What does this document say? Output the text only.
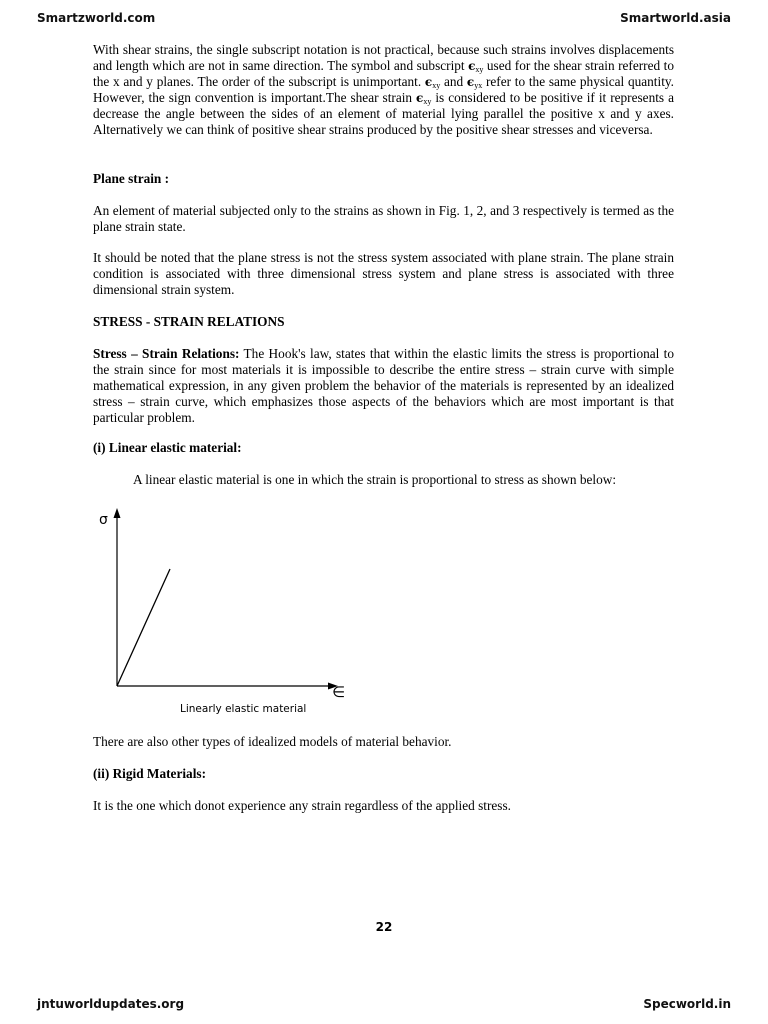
Smartzworld.com	Smartworld.asia
With shear strains, the single subscript notation is not practical, because such strains involves displacements and length which are not in same direction. The symbol and subscript $\epsilon_{xy}$ used for the shear strain referred to the x and y planes. The order of the subscript is unimportant. $\epsilon_{xy}$ and $\epsilon_{yx}$ refer to the same physical quantity. However, the sign convention is important.The shear strain $\epsilon_{xy}$ is considered to be positive if it represents a decrease the angle between the sides of an element of material lying parallel the positive x and y axes. Alternatively we can think of positive shear strains produced by the positive shear stresses and viceversa.
Plane strain :
An element of material subjected only to the strains as shown in Fig. 1, 2, and 3 respectively is termed as the plane strain state.
It should be noted that the plane stress is not the stress system associated with plane strain. The plane strain condition is associated with three dimensional stress system and plane stress is associated with three dimensional strain system.
STRESS - STRAIN RELATIONS
Stress – Strain Relations: The Hook's law, states that within the elastic limits the stress is proportional to the strain since for most materials it is impossible to describe the entire stress – strain curve with simple mathematical expression, in any given problem the behavior of the materials is represented by an idealized stress – strain curve, which emphasizes those aspects of the behaviors which are most important is that particular problem.
(i) Linear elastic material:
A linear elastic material is one in which the strain is proportional to stress as shown below:
σ
∈
Linearly elastic material
There are also other types of idealized models of material behavior.
(ii) Rigid Materials:
It is the one which donot experience any strain regardless of the applied stress.
22
jntuworldupdates.org	Specworld.in
